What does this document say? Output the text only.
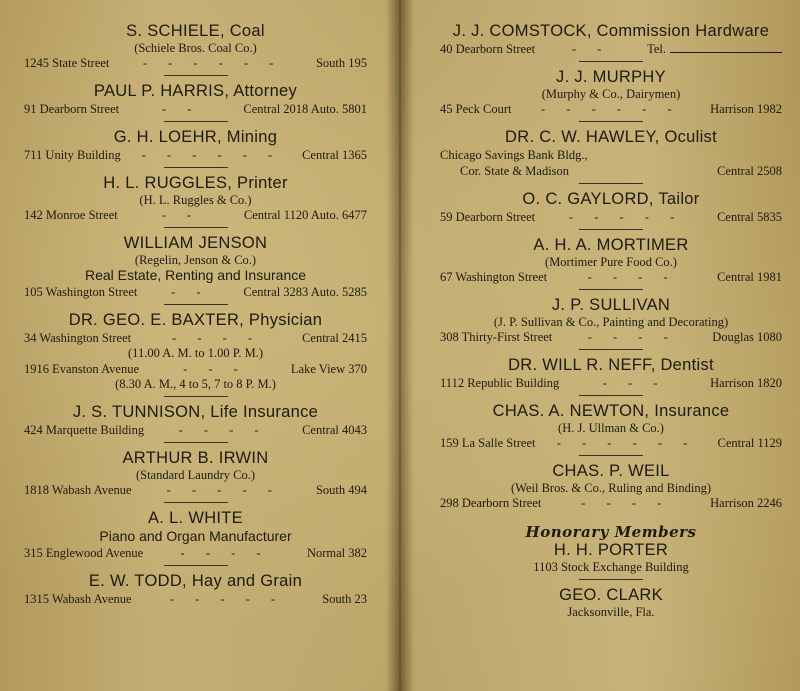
S. SCHIELE, Coal
(Schiele Bros. Coal Co.)
1245 State Street	- - - - - -	South 195
PAUL P. HARRIS, Attorney
91 Dearborn Street	- -	Central 2018 Auto. 5801
G. H. LOEHR, Mining
711 Unity Building	- - - - - -	Central 1365
H. L. RUGGLES, Printer
(H. L. Ruggles & Co.)
142 Monroe Street	- -	Central 1120 Auto. 6477
WILLIAM JENSON
(Regelin, Jenson & Co.)
Real Estate, Renting and Insurance
105 Washington Street	- -	Central 3283 Auto. 5285
DR. GEO. E. BAXTER, Physician
34 Washington Street	- - - -	Central 2415
(11.00 A. M. to 1.00 P. M.)
1916 Evanston Avenue	- - -	Lake View 370
(8.30 A. M., 4 to 5, 7 to 8 P. M.)
J. S. TUNNISON, Life Insurance
424 Marquette Building	- - - -	Central 4043
ARTHUR B. IRWIN
(Standard Laundry Co.)
1818 Wabash Avenue	- - - - -	South 494
A. L. WHITE
Piano and Organ Manufacturer
315 Englewood Avenue	- - - -	Normal 382
E. W. TODD, Hay and Grain
1315 Wabash Avenue	- - - - -	South 23
J. J. COMSTOCK, Commission Hardware
40 Dearborn Street	- -	Tel.
J. J. MURPHY
(Murphy & Co., Dairymen)
45 Peck Court	- - - - - -	Harrison 1982
DR. C. W. HAWLEY, Oculist
Chicago Savings Bank Bldg.,
Cor. State & Madison	Central 2508
O. C. GAYLORD, Tailor
59 Dearborn Street	- - - - -	Central 5835
A. H. A. MORTIMER
(Mortimer Pure Food Co.)
67 Washington Street	- - - -	Central 1981
J. P. SULLIVAN
(J. P. Sullivan & Co., Painting and Decorating)
308 Thirty-First Street	- - - -	Douglas 1080
DR. WILL R. NEFF, Dentist
1112 Republic Building	- - -	Harrison 1820
CHAS. A. NEWTON, Insurance
(H. J. Ullman & Co.)
159 La Salle Street	- - - - - -	Central 1129
CHAS. P. WEIL
(Weil Bros. & Co., Ruling and Binding)
298 Dearborn Street	- - - -	Harrison 2246
Honorary Members
H. H. PORTER
1103 Stock Exchange Building
GEO. CLARK
Jacksonville, Fla.
